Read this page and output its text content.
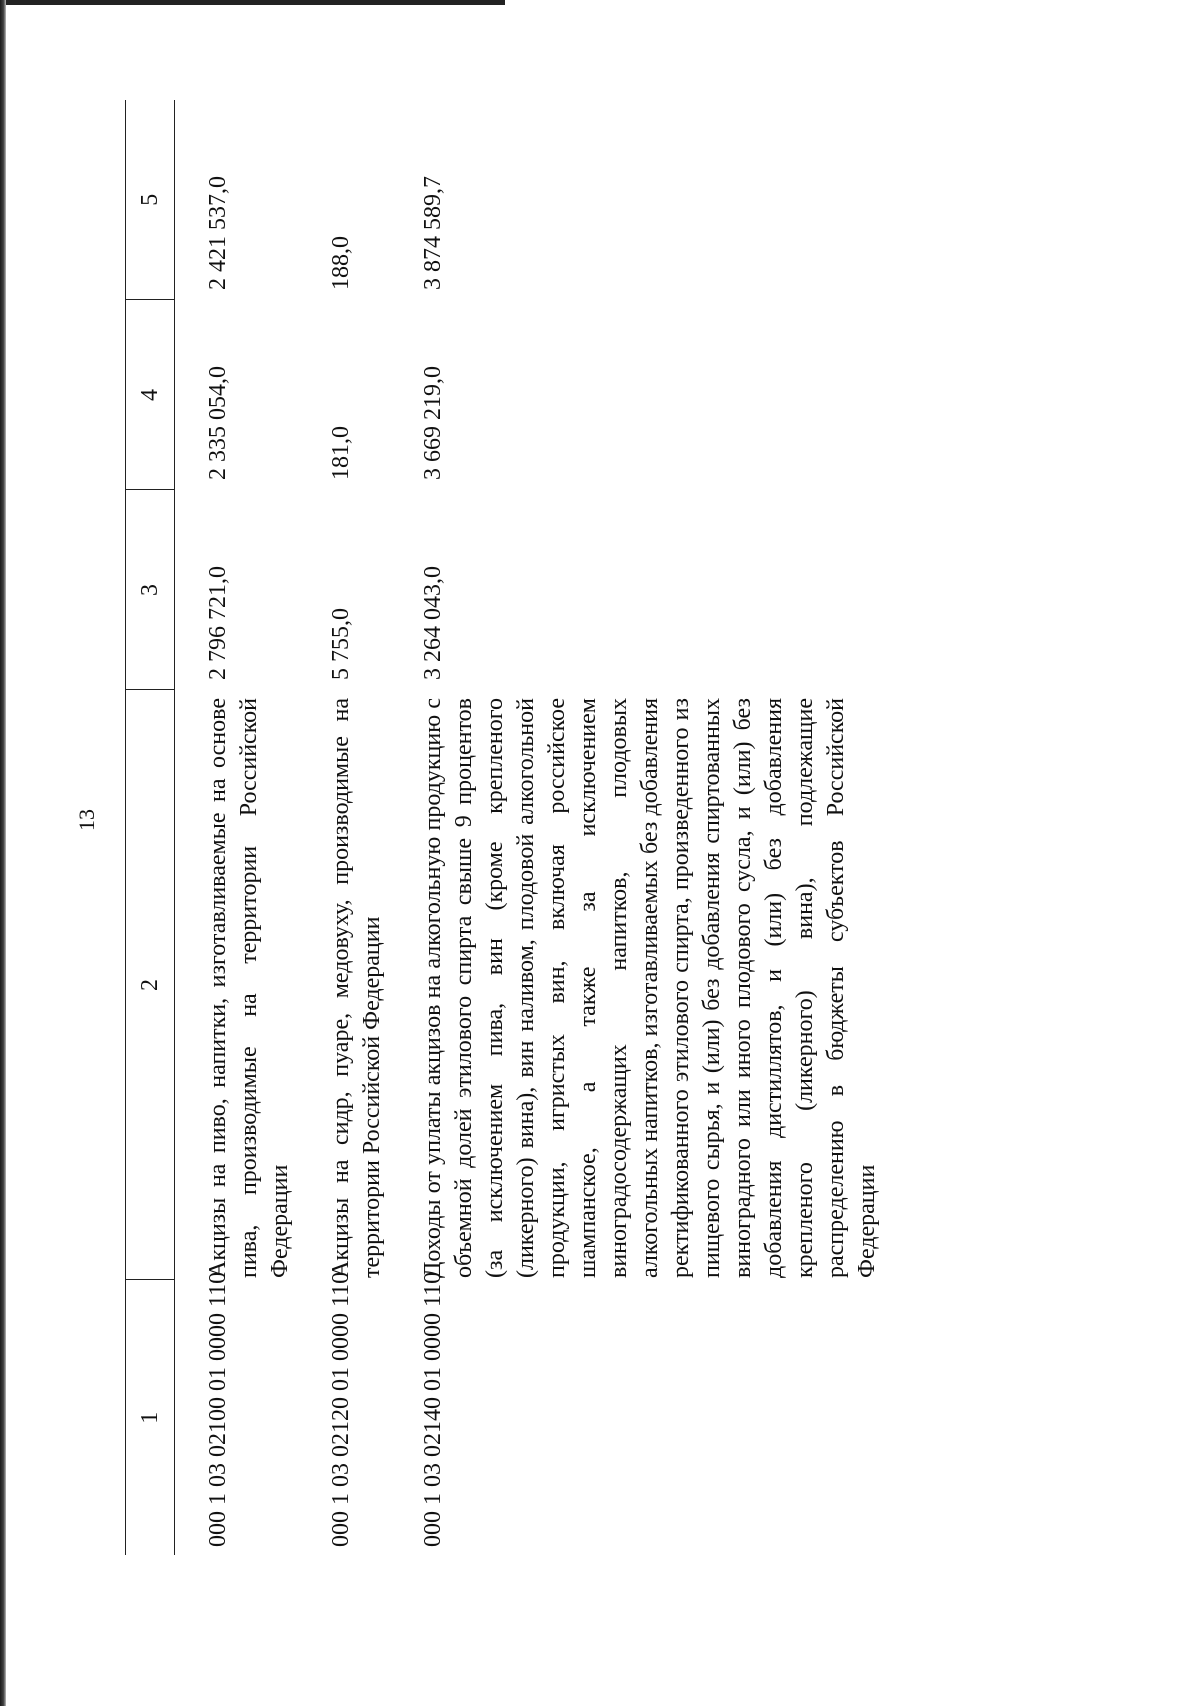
13
1	2	3	4	5
000 1 03 02100 01 0000 110	Акцизы на пиво, напитки, изготавливаемые на основе пива, производимые на территории Российской Федерации	2 796 721,0	2 335 054,0	2 421 537,0
000 1 03 02120 01 0000 110	Акцизы на сидр, пуаре, медовуху, производимые на территории Российской Федерации	5 755,0	181,0	188,0
000 1 03 02140 01 0000 110	Доходы от уплаты акцизов на алкогольную продукцию с объемной долей этилового спирта свыше 9 процентов (за исключением пива, вин (кроме крепленого (ликерного) вина), вин наливом, плодовой алкогольной продукции, игристых вин, включая российское шампанское, а также за исключением виноградосодержащих напитков, плодовых алкогольных напитков, изготавливаемых без добавления ректификованного этилового спирта, произведенного из пищевого сырья, и (или) без добавления спиртованных виноградного или иного плодового сусла, и (или) без добавления дистиллятов, и (или) без добавления крепленого (ликерного) вина), подлежащие распределению в бюджеты субъектов Российской Федерации	3 264 043,0	3 669 219,0	3 874 589,7
